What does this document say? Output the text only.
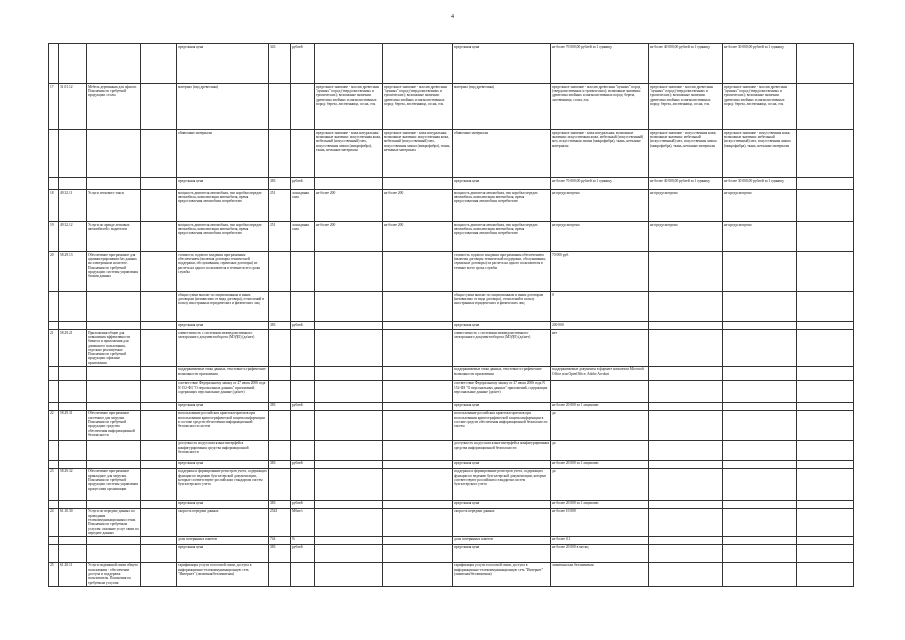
4
				предельная цена	343	рублей			предельная цена	не более 70 000,00 рублей за 1 единицу	не более 40 000,00 рублей за 1 единицу	не более 30 000,00 рублей за 1 единицу	
17	31.01.12	Мебель деревянная для офисов. Пояснения по требуемой продукции: столы		материал (вид древесины)			предельное значение - массив древесины "ценных" пород (твердолиственных и тропических); возможные значения: древесина хвойных и мягколиственных пород: береза, лиственница, сосна, ель	предельное значение - массив древесины "ценных" пород (твердолиственных и тропических); возможные значения: древесина хвойных и мягколиственных пород: береза, лиственница, сосна, ель	материал (вид древесины)	предельное значение - массив древесины "ценных" пород (твердолиственных и тропических); возможные значения: древесина хвойных и мягколиственных пород: береза, лиственница, сосна, ель	предельное значение - массив древесины "ценных" пород (твердолиственных и тропических); возможные значения: древесина хвойных и мягколиственных пород: береза, лиственница, сосна, ель	предельное значение - массив древесины "ценных" пород (твердолиственных и тропических); возможные значения: древесина хвойных и мягколиственных пород: береза, лиственница, сосна, ель	
				обивочные материалы			предельное значение - кожа натуральная; возможные значения: искусственная кожа, мебельный (искусственный) мех, искусственная замша (микрофибра), ткань, нетканые материалы	предельное значение - кожа натуральная; возможные значения: искусственная кожа, мебельный (искусственный) мех, искусственная замша (микрофибра), ткань, нетканые материалы	обивочные материалы	предельное значение - кожа натуральная; возможные значения: искусственная кожа, мебельный (искусственный) мех, искусственная замша (микрофибра), ткань, нетканые материалы	предельное значение - искусственная кожа; возможные значения: мебельный (искусственный) мех, искусственная замша (микрофибра), ткань, нетканые материалы	предельное значение - искусственная кожа; возможные значения: мебельный (искусственный) мех, искусственная замша (микрофибра), ткань, нетканые материалы	
				предельная цена	383	рублей			предельная цена	не более 70 000,00 рублей за 1 единицу	не более 40 000,00 рублей за 1 единицу	не более 30 000,00 рублей за 1 единицу	
18	49.32.11	Услуги легкового такси		мощность двигателя автомобиля, тип коробки передач автомобиля, комплектация автомобиля, время предоставления автомобиля потребителю	251	лошадиная сила	не более 200	не более 200	мощность двигателя автомобиля, тип коробки передач автомобиля, комплектация автомобиля, время предоставления автомобиля потребителю	не предусмотрено	не предусмотрено	не предусмотрено	
19	49.32.12	Услуги по аренде легковых автомобилей с водителем		мощность двигателя автомобиля, тип коробки передач автомобиля, комплектация автомобиля, время предоставления автомобиля потребителю	251	лошадиная сила	не более 200	не более 200	мощность двигателя автомобиля, тип коробки передач автомобиля, комплектация автомобиля, время предоставления автомобиля потребителю	не предусмотрено	не предусмотрено	не предусмотрено	
20	58.29.13	Обеспечение программное для администрирования баз данных на электронном носителе. Пояснения по требуемой продукции: системы управления базами данных		стоимость годового владения программным обеспечением (включая договоры технической поддержки, обслуживания, сервисные договоры) из расчета на одного пользователя в течение всего срока службы					стоимость годового владения программным обеспечением (включая договоры технической поддержки, обслуживания, сервисные договоры) из расчета на одного пользователя в течение всего срока службы	70 000 руб.			
				общая сумма выплат по лицензионным и иным договорам (независимо от вида договора), отчислений в пользу иностранных юридических и физических лиц					общая сумма выплат по лицензионным и иным договорам (независимо от вида договора), отчислений в пользу иностранных юридических и физических лиц	0			
				предельная цена	383	рублей			предельная цена	200 000			
21	58.29.21	Приложения общие для повышения эффективности бизнеса и приложения для домашнего пользования, отдельно реализуемые. Пояснения по требуемой продукции: офисные приложения		совместимость с системами межведомственного электронного документооборота (МЭДО) (да/нет)					совместимость с системами межведомственного электронного документооборота (МЭДО) (да/нет)	нет			
				поддерживаемые типы данных, текстовые и графические возможности приложения					поддерживаемые типы данных, текстовые и графические возможности приложения	поддерживаемые документы в формате комплекта Microsoft Office или OpenOffice, Adobe Acrobat			
				соответствие Федеральному закону от 27 июля 2006 года N 152-ФЗ "О персональных данных" приложений, содержащих персональные данные (да/нет)					соответствие Федеральному закону от 27 июля 2006 года N 152-ФЗ "О персональных данных" приложений, содержащих персональные данные (да/нет)				
				предельная цена	383	рублей			предельная цена	не более 20 000 за 1 лицензию			
22	58.29.31	Обеспечение программное системное для загрузки. Пояснения по требуемой продукции: средства обеспечения информационной безопасности		использование российских криптоалгоритмов при использовании криптографической защиты информации в составе средств обеспечения информационной безопасности систем					использование российских криптоалгоритмов при использовании криптографической защиты информации в составе средств обеспечения информационной безопасности систем	да			
				доступность на русском языке интерфейса конфигурирования средства информационной безопасности					доступность на русском языке интерфейса конфигурирования средства информационной безопасности	да			
				предельная цена	383	рублей			предельная цена	не более 20 000 за 1 лицензию			
23	58.29.32	Обеспечение программное прикладное для загрузки. Пояснения по требуемой продукции: системы управления процессами организации		поддержка и формирование регистров учета, содержащих функции по ведению бухгалтерской документации, которые соответствуют российским стандартам систем бухгалтерского учета					поддержка и формирование регистров учета, содержащих функции по ведению бухгалтерской документации, которые соответствуют российским стандартам систем бухгалтерского учета	да			
				предельная цена	383	рублей			предельная цена	не более 20 000 за 1 лицензию			
24	61.10.30	Услуги по передаче данных по проводным телекоммуникационным сетям. Пояснения по требуемым услугам: оказание услуг связи по передаче данных		скорость передачи данных	2543	Мбит/с			скорость передачи данных	не более 10 000			
				доля потерянных пакетов	744	%			доля потерянных пакетов	не более 0,1			
				предельная цена	383	рублей			предельная цена	не более 20 000 в месяц			
25	61.20.11	Услуги подвижной связи общего пользования - обеспечение доступа и поддержка пользователя. Пояснения по требуемым услугам:		тарификация услуги голосовой связи, доступа в информационно-телекоммуникационную сеть "Интернет" (лимитная/безлимитная)					тарификация услуги голосовой связи, доступа в информационно-телекоммуникационную сеть "Интернет" (лимитная/безлимитная)	лимитная или безлимитная			
